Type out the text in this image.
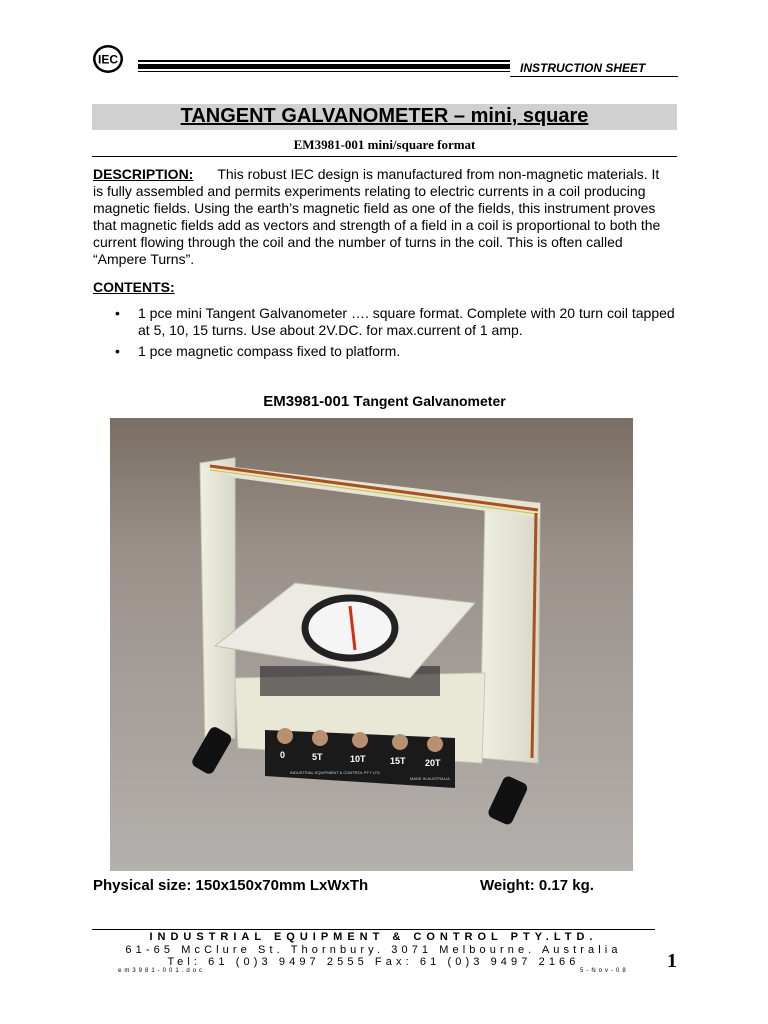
IEC
INSTRUCTION SHEET
TANGENT GALVANOMETER – mini, square
EM3981-001 mini/square format

DESCRIPTION: This robust IEC design is manufactured from non-magnetic materials. It is fully assembled and permits experiments relating to electric currents in a coil producing magnetic fields. Using the earth’s magnetic field as one of the fields, this instrument proves that magnetic fields add as vectors and strength of a field in a coil is proportional to both the current flowing through the coil and the number of turns in the coil. This is often called “Ampere Turns”.

CONTENTS:
• 1 pce mini Tangent Galvanometer …. square format. Complete with 20 turn coil tapped at 5, 10, 15 turns. Use about 2V.DC. for max.current of 1 amp.
• 1 pce magnetic compass fixed to platform.
EM3981-001 Tangent Galvanometer
0	5T	10T	15T 20T
INDUSTRIAL EQUIPMENT & CONTROL PTY LTD
MADE IN AUSTRALIA
Physical size: 150x150x70mm LxWxTh	Weight: 0.17 kg.
INDUSTRIAL EQUIPMENT & CONTROL PTY.LTD.
61-65 McClure St. Thornbury. 3071 Melbourne. Australia
Tel: 61 (0)3 9497 2555 Fax: 61 (0)3 9497 2166
em3981-001.doc	5-Nov-08 1
